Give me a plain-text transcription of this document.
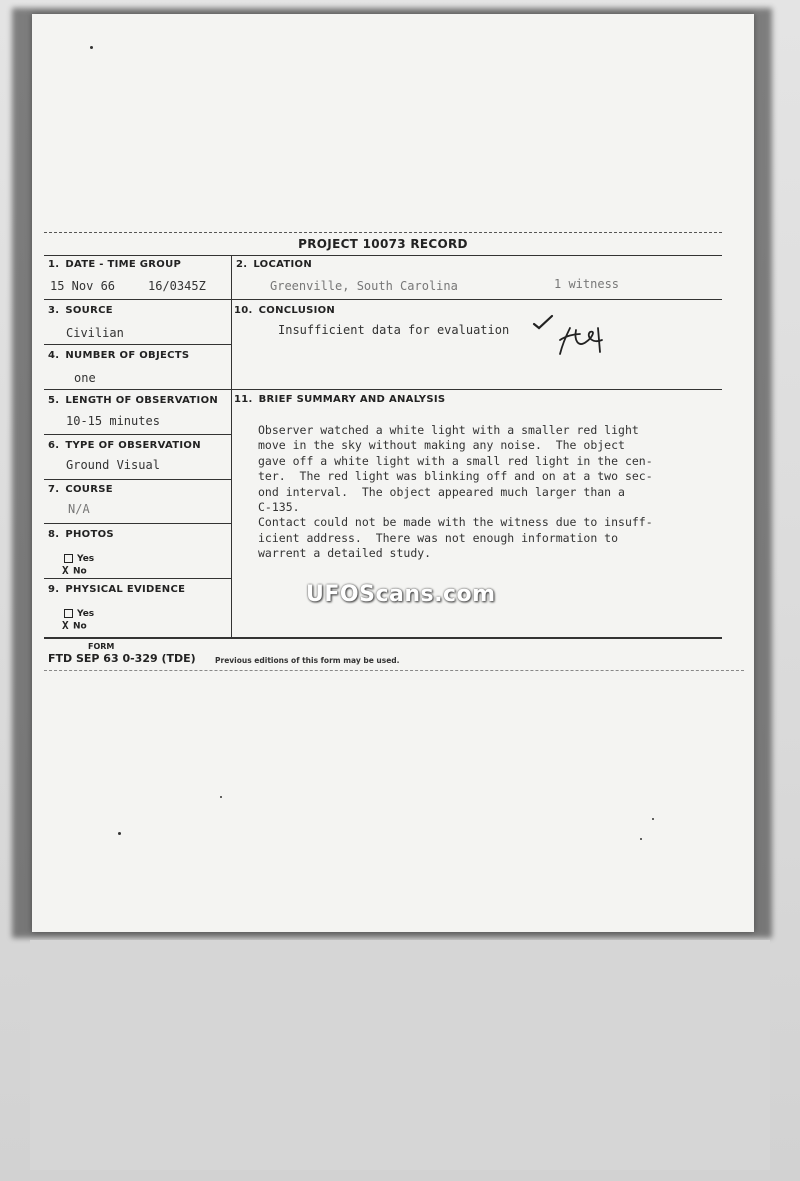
PROJECT 10073 RECORD
1. DATE - TIME GROUP
15 Nov 66	16/0345Z
2. LOCATION
Greenville, South Carolina	1 witness
3. SOURCE
Civilian
10. CONCLUSION
Insufficient data for evaluation
4. NUMBER OF OBJECTS
one
5. LENGTH OF OBSERVATION
10-15 minutes
11. BRIEF SUMMARY AND ANALYSIS
Observer watched a white light with a smaller red light
move in the sky without making any noise.  The object
gave off a white light with a small red light in the cen-
ter.  The red light was blinking off and on at a two sec-
ond interval.  The object appeared much larger than a
C-135.
Contact could not be made with the witness due to insuff-
icient address.  There was not enough information to
warrent a detailed study.
6. TYPE OF OBSERVATION
Ground Visual
7. COURSE
N/A
8. PHOTOS
Yes
X No
9. PHYSICAL EVIDENCE
Yes
X No
FORM
FTD SEP 63 0-329 (TDE)	Previous editions of this form may be used.
UFOScans.com
